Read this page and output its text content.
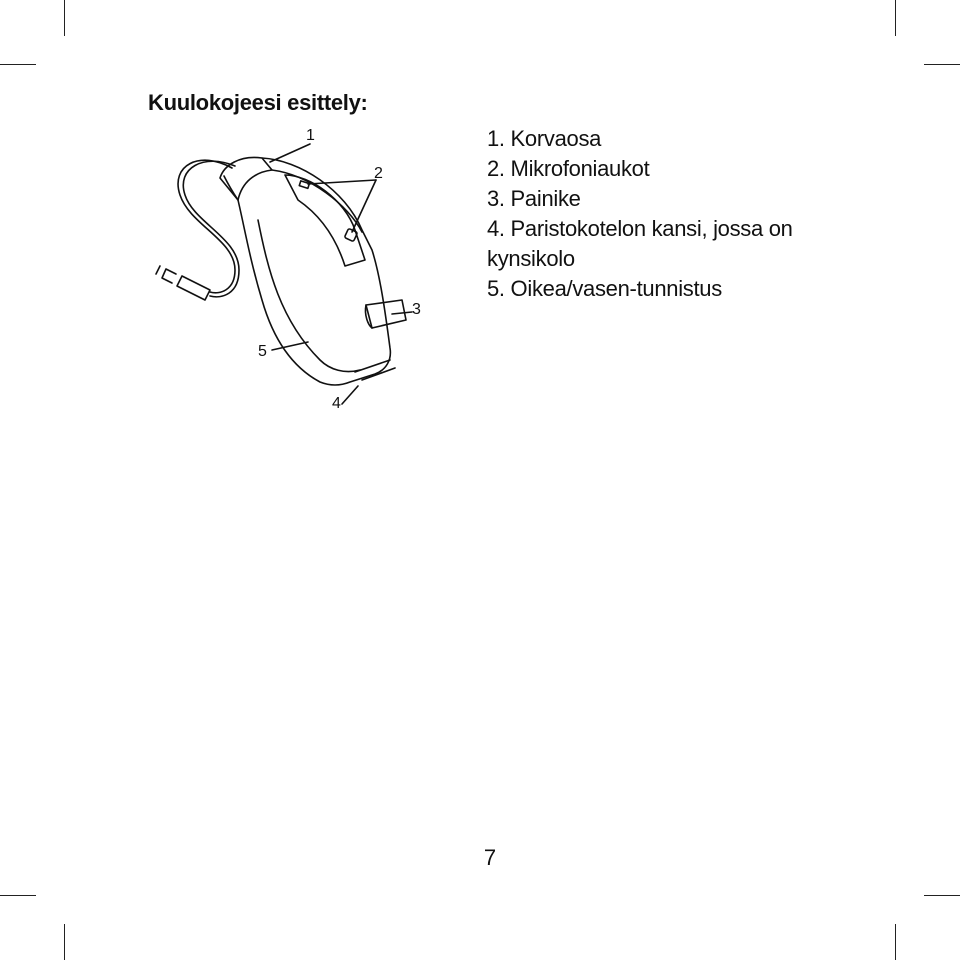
Kuulokojeesi esittely:
1
2
3
4
5
1. Korvaosa
2. Mikrofoniaukot
3. Painike
4. Paristokotelon kansi, jossa on kynsikolo
5. Oikea/vasen-tunnistus
7
